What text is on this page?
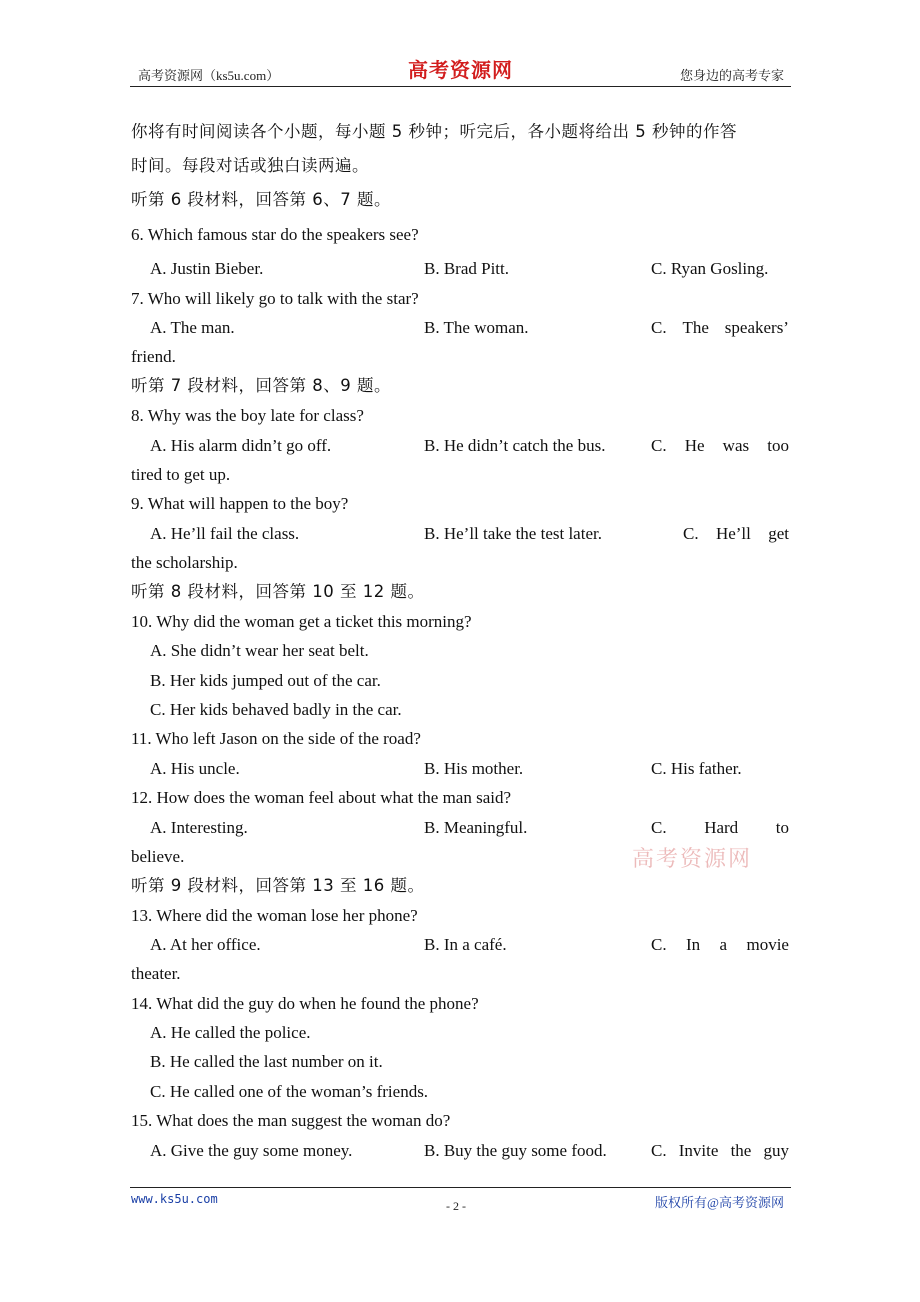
高考资源网（ks5u.com）	高考资源网	您身边的高考专家
你将有时间阅读各个小题，每小题 5 秒钟；听完后，各小题将给出 5 秒钟的作答
时间。每段对话或独白读两遍。
听第 6 段材料，回答第 6、7 题。
6. Which famous star do the speakers see?
A. Justin Bieber.	B. Brad Pitt.	C. Ryan Gosling.
7. Who will likely go to talk with the star?
A. The man.	B. The woman.	C. The speakers’
friend.
听第 7 段材料，回答第 8、9 题。
8. Why was the boy late for class?
A. His alarm didn’t go off.	B. He didn’t catch the bus.	C. He was too
tired to get up.
9. What will happen to the boy?
A. He’ll fail the class.	B. He’ll take the test later.	C. He’ll get
the scholarship.
听第 8 段材料，回答第 10 至 12 题。
10. Why did the woman get a ticket this morning?
A. She didn’t wear her seat belt.
B. Her kids jumped out of the car.
C. Her kids behaved badly in the car.
11. Who left Jason on the side of the road?
A. His uncle.	B. His mother.	C. His father.
12. How does the woman feel about what the man said?
A. Interesting.	B. Meaningful.	C. Hard to
believe.	高考资源网
听第 9 段材料，回答第 13 至 16 题。
13. Where did the woman lose her phone?
A. At her office.	B. In a café.	C. In a movie
theater.
14. What did the guy do when he found the phone?
A. He called the police.
B. He called the last number on it.
C. He called one of the woman’s friends.
15. What does the man suggest the woman do?
A. Give the guy some money.	B. Buy the guy some food.	C. Invite the guy
www.ks5u.com	- 2 -	版权所有@高考资源网
